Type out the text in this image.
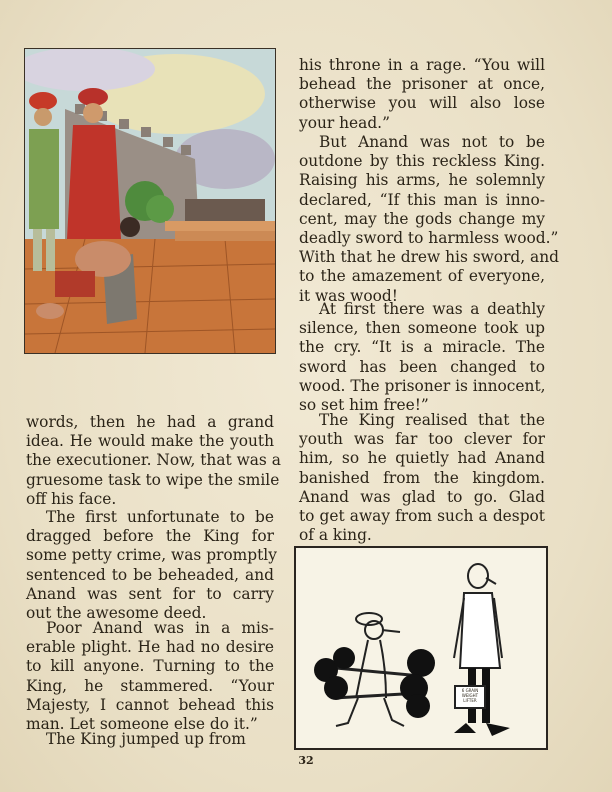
his throne in a rage. “You will
behead the prisoner at once,
otherwise you will also lose
your head.”
But Anand was not to be
outdone by this reckless King.
Raising his arms, he solemnly
declared, “If this man is inno-
cent, may the gods change my
deadly sword to harmless wood.”
With that he drew his sword, and
to the amazement of everyone,
it was wood!
At first there was a deathly
silence, then someone took up
the cry. “It is a miracle. The
sword has been changed to
wood. The prisoner is innocent,
so set him free!”
The King realised that the
youth was far too clever for
him, so he quietly had Anand
banished from the kingdom.
Anand was glad to go. Glad
to get away from such a despot
of a king.
words, then he had a grand
idea. He would make the youth
the executioner. Now, that was a
gruesome task to wipe the smile
off his face.
The first unfortunate to be
dragged before the King for
some petty crime, was promptly
sentenced to be beheaded, and
Anand was sent for to carry
out the awesome deed.
Poor Anand was in a mis-
erable plight. He had no desire
to kill anyone. Turning to the
King, he stammered. “Your
Majesty, I cannot behead this
man. Let someone else do it.”
The King jumped up from
6 GRAIN WEIGHT LIFTER
32
